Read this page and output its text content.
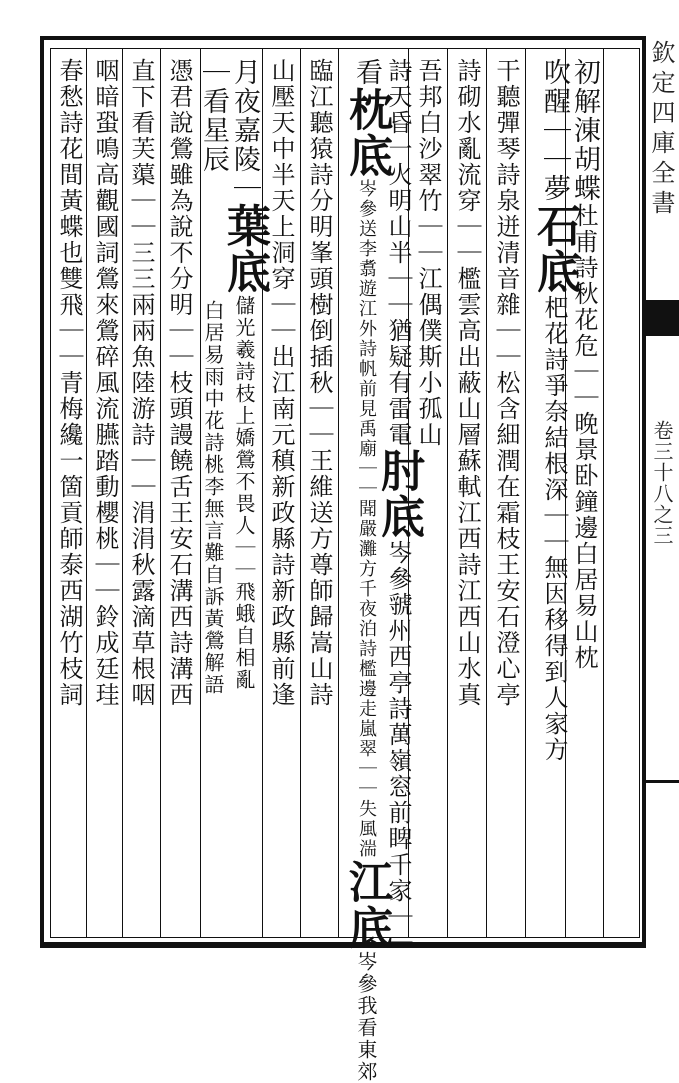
欽定四庫全書
卷三十八之三
初解涷胡蝶杜甫詩秋花危｜｜晚景卧鐘邊白居易山枕
吹醒｜｜夢石底杷花詩爭奈結根深｜｜無因移得到人家方
干聽彈琴詩泉迸清音雜｜｜松含細潤在霜枝王安石澄心亭
詩砌水亂流穿｜｜檻雲高出蔽山層蘇軾江西詩江西山水真
吾邦白沙翠竹｜｜江偶僕斯小孤山
詩天昏一火明山半｜｜猶疑有雷電肘底岑參虢州西亭詩萬嶺窓前睥千家｜｜
看枕底岑參送李翥遊江外詩帆前見禹廟｜｜聞嚴灘方千夜泊詩檻邊走嵐翠｜｜失風湍江底岑參我看東郊
臨江聽猿詩分明峯頭樹倒插秋｜｜王維送方尊師歸嵩山詩
山壓天中半天上洞穿｜｜出江南元稹新政縣詩新政縣前逢
月夜嘉陵｜葉底儲光羲詩枝上嬌鶯不畏人｜｜飛蛾自相亂
｜看星辰
白居易雨中花詩桃李無言難自訴黃鶯解語
憑君說鶯雖為說不分明｜｜枝頭謾饒舌王安石溝西詩溝西
直下看芙蕖｜｜三三兩兩魚陸游詩｜｜涓涓秋露滴草根咽
咽暗蛩鳴高觀國詞鶯來鶯碎風流臙踏動櫻桃｜｜鈴成廷珪
春愁詩花間黃蝶也雙飛｜｜青梅纔一箇貢師泰西湖竹枝詞
